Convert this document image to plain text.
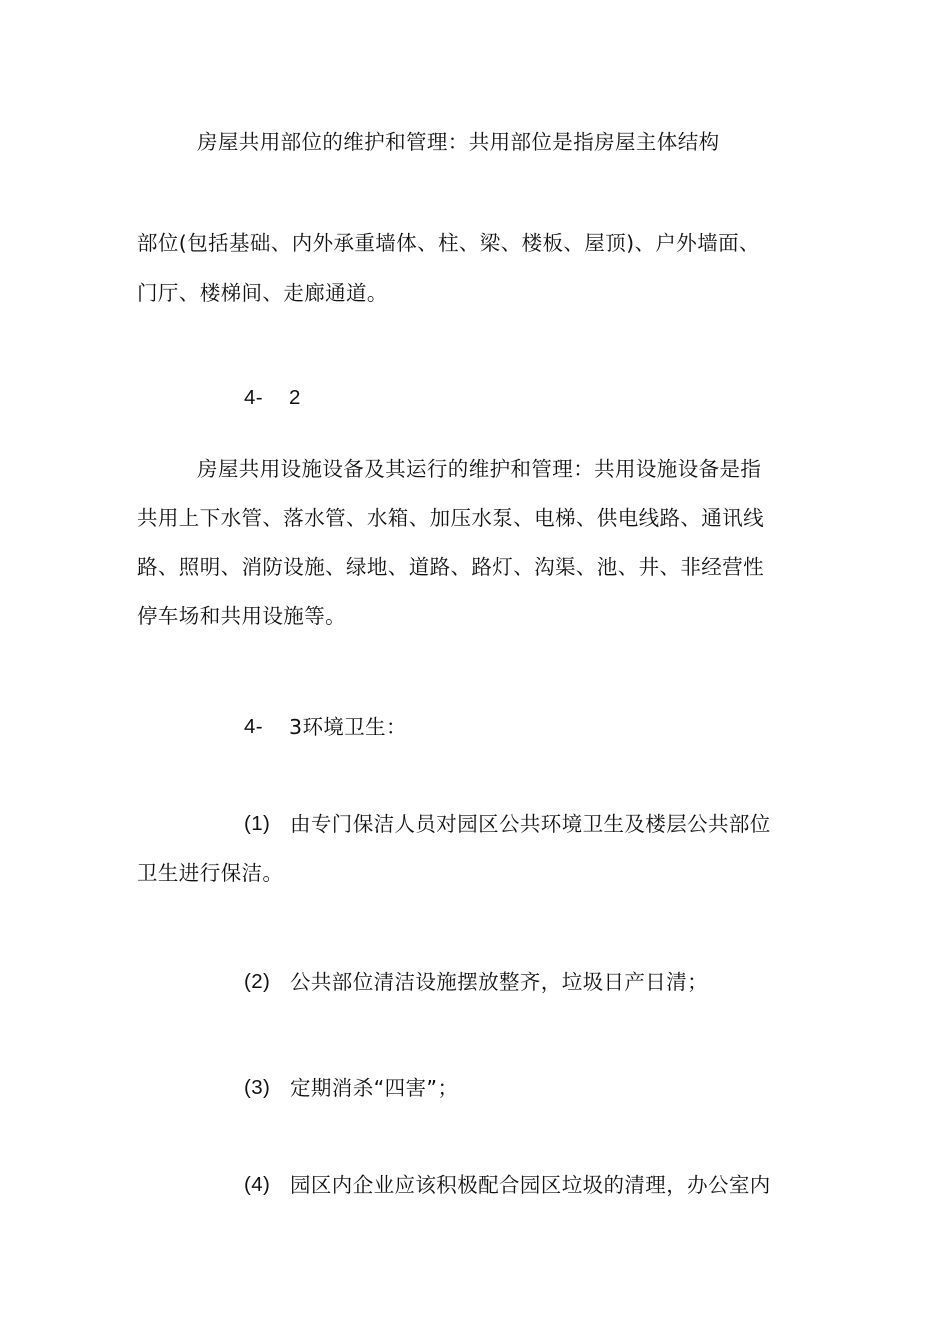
房屋共用部位的维护和管理：共用部位是指房屋主体结构
部位(包括基础、内外承重墙体、柱、梁、楼板、屋顶)、户外墙面、
门厅、楼梯间、走廊通道。
4- 2
房屋共用设施设备及其运行的维护和管理：共用设施设备是指
共用上下水管、落水管、水箱、加压水泵、电梯、供电线路、通讯线
路、照明、消防设施、绿地、道路、路灯、沟渠、池、井、非经营性
停车场和共用设施等。
4- 3环境卫生：
(1) 由专门保洁人员对园区公共环境卫生及楼层公共部位
卫生进行保洁。
(2) 公共部位清洁设施摆放整齐，垃圾日产日清；
(3) 定期消杀“四害”；
(4) 园区内企业应该积极配合园区垃圾的清理，办公室内
